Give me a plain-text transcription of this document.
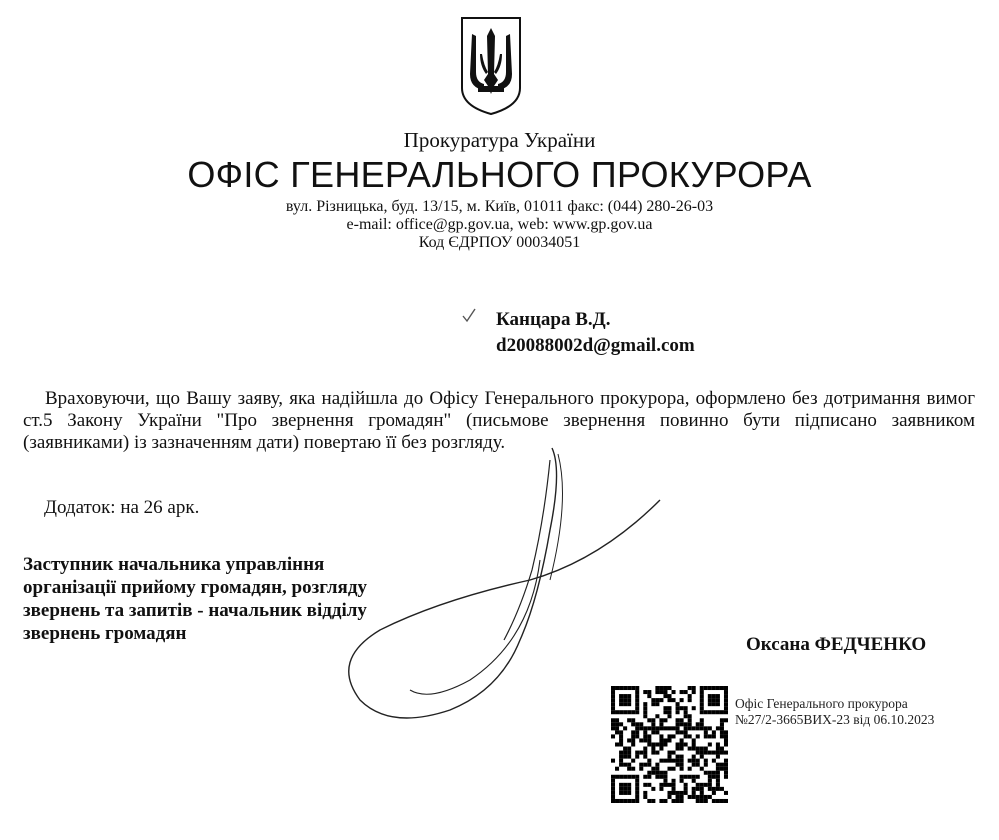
Прокуратура України
ОФІС ГЕНЕРАЛЬНОГО ПРОКУРОРА
вул. Різницька, буд. 13/15, м. Київ, 01011 факс: (044) 280-26-03
e-mail: office@gp.gov.ua, web: www.gp.gov.ua
Код ЄДРПОУ 00034051
Канцара В.Д.
d20088002d@gmail.com
Враховуючи, що Вашу заяву, яка надійшла до Офісу Генерального прокурора, оформлено без дотримання вимог ст.5 Закону України "Про звернення громадян" (письмове звернення повинно бути підписано заявником (заявниками) із зазначенням дати) повертаю її без розгляду.
Додаток: на 26 арк.
Заступник начальника управління
організації прийому громадян, розгляду
звернень та запитів - начальник відділу
звернень громадян
Оксана ФЕДЧЕНКО
Офіс Генерального прокурора
№27/2-3665ВИХ-23 від 06.10.2023
